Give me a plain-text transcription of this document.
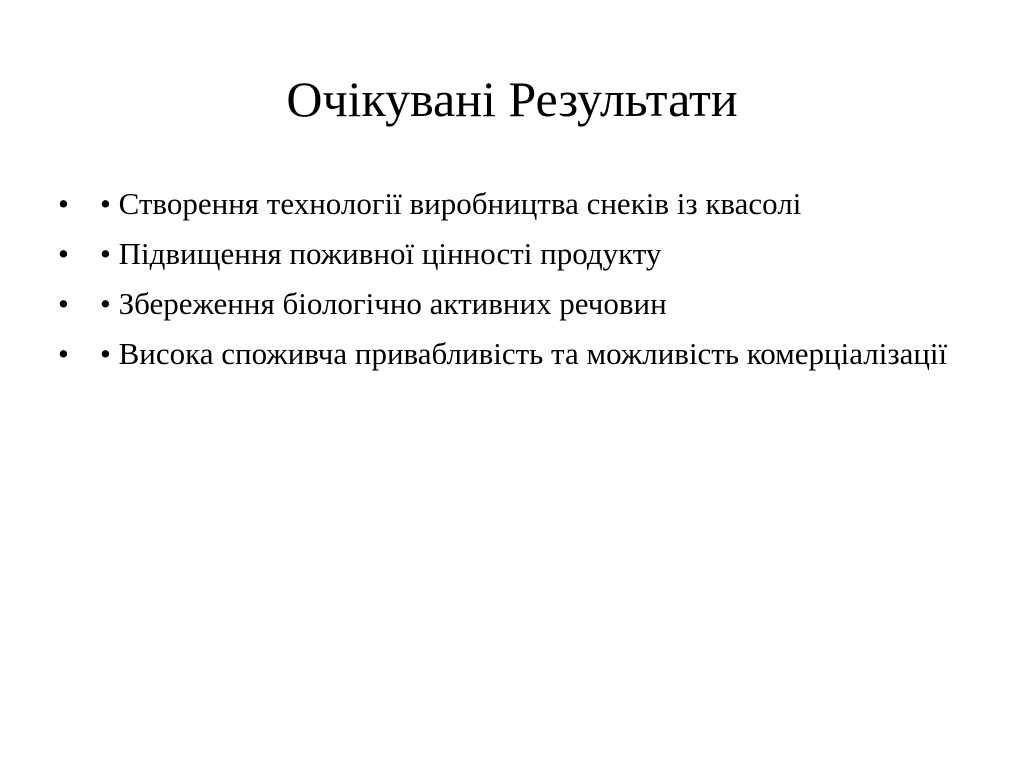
Очікувані Результати
• • Створення технології виробництва снеків із квасолі
• • Підвищення поживної цінності продукту
• • Збереження біологічно активних речовин
• • Висока споживча привабливість та можливість комерціалізації
